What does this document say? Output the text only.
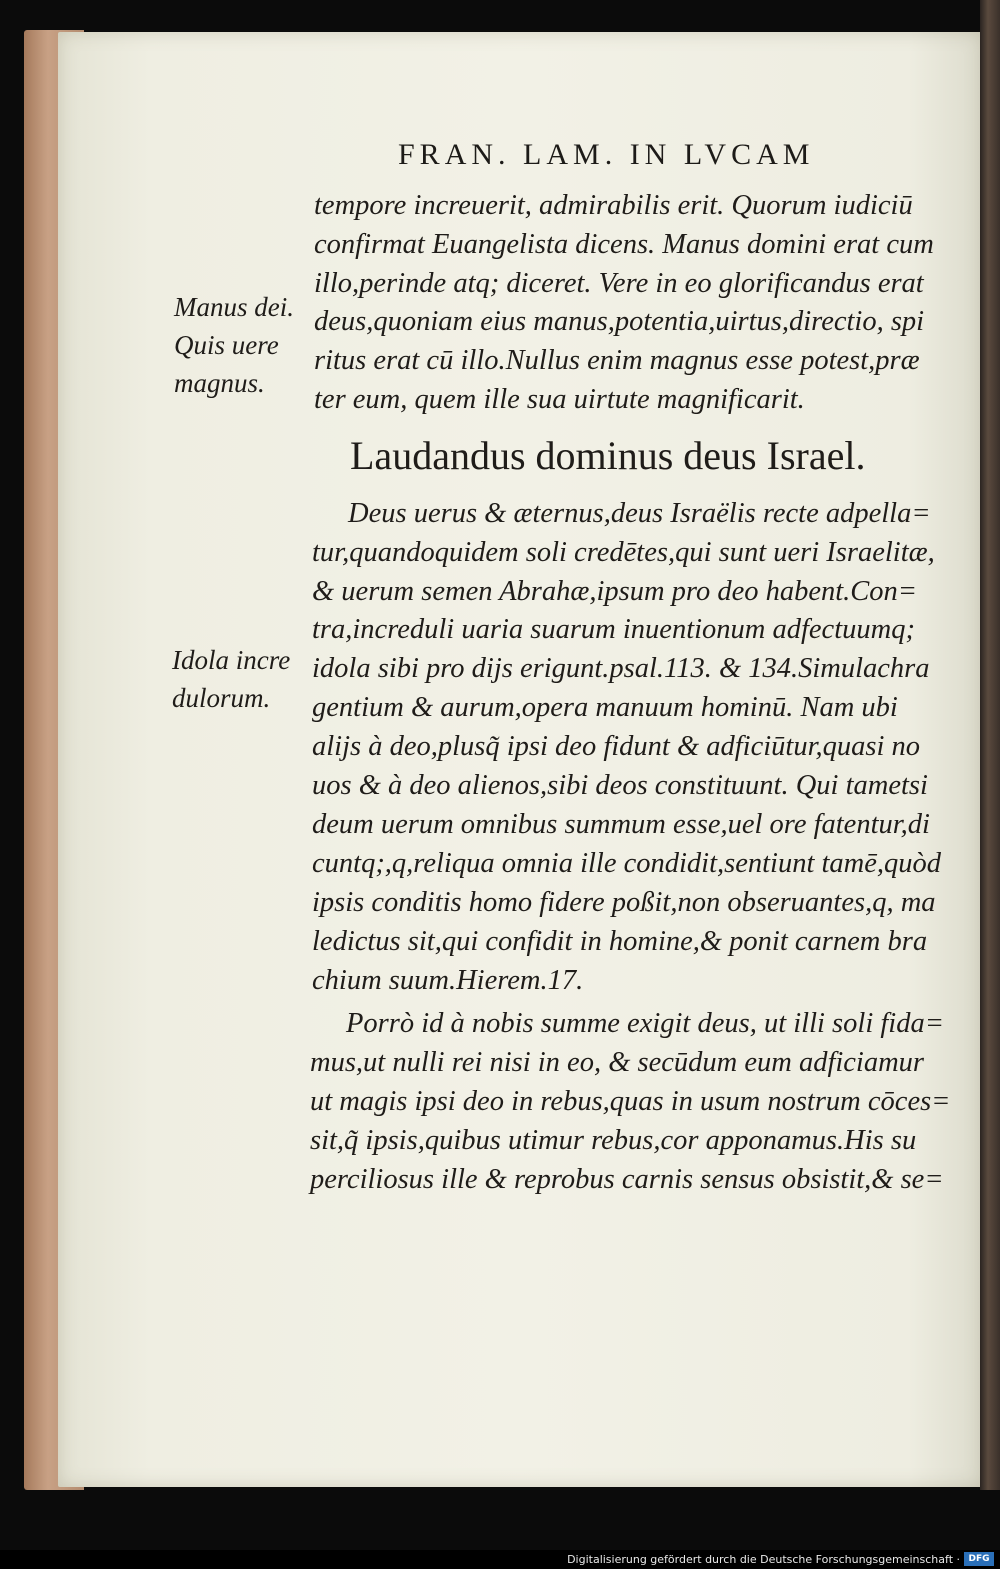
FRAN. LAM. IN LVCAM
tempore increuerit, admirabilis erit. Quorum iudiciū
confirmat Euangelista dicens. Manus domini erat cum
illo,perinde atq; diceret. Vere in eo glorificandus erat
deus,quoniam eius manus,potentia,uirtus,directio, spi
ritus erat cū illo.Nullus enim magnus esse potest,præ
ter eum, quem ille sua uirtute magnificarit.
Manus dei.
Quis uere
magnus.
Laudandus dominus deus Israel.
Deus uerus & æternus,deus Israëlis recte adpella=
tur,quandoquidem soli credētes,qui sunt ueri Israelitæ,
& uerum semen Abrahæ,ipsum pro deo habent.Con=
tra,increduli uaria suarum inuentionum adfectuumq;
idola sibi pro dijs erigunt.psal.113. & 134.Simulachra
gentium & aurum,opera manuum hominū. Nam ubi
alijs à deo,plusq̃ ipsi deo fidunt & adficiūtur,quasi no
uos & à deo alienos,sibi deos constituunt. Qui tametsi
deum uerum omnibus summum esse,uel ore fatentur,di
cuntq;,q,reliqua omnia ille condidit,sentiunt tamē,quòd
ipsis conditis homo fidere poßit,non obseruantes,q, ma
ledictus sit,qui confidit in homine,& ponit carnem bra
chium suum.Hierem.17.
Idola incre
dulorum.
Porrò id à nobis summe exigit deus, ut illi soli fida=
mus,ut nulli rei nisi in eo, & secūdum eum adficiamur
ut magis ipsi deo in rebus,quas in usum nostrum cōces=
sit,q̃ ipsis,quibus utimur rebus,cor apponamus.His su
perciliosus ille & reprobus carnis sensus obsistit,& se=
Digitalisierung gefördert durch die Deutsche Forschungsgemeinschaft · DFG
